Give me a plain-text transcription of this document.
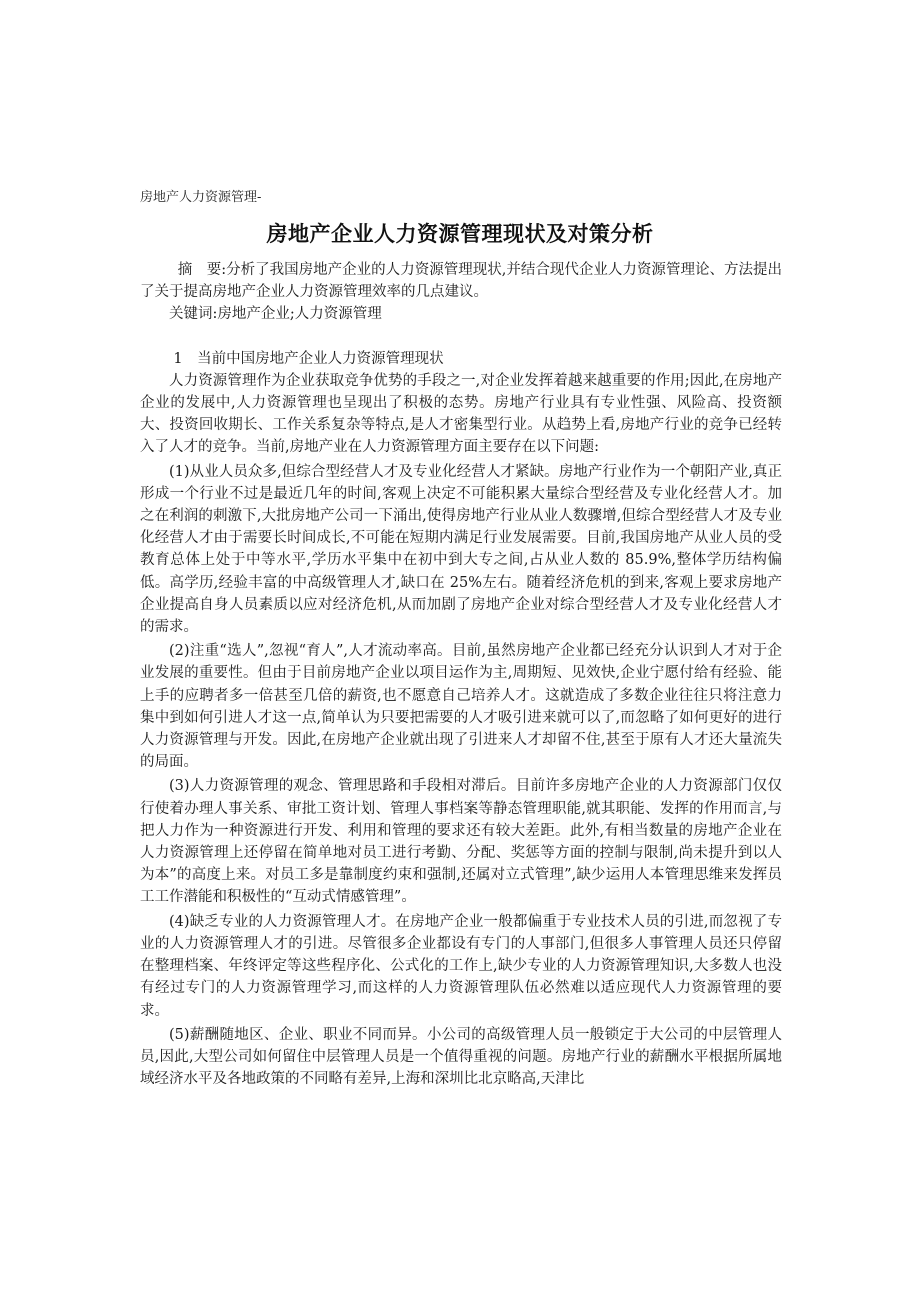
房地产人力资源管理-
房地产企业人力资源管理现状及对策分析

摘　要:分析了我国房地产企业的人力资源管理现状,并结合现代企业人力资源管理论、方法提出了关于提高房地产企业人力资源管理效率的几点建议。

关键词:房地产企业;人力资源管理

1　当前中国房地产企业人力资源管理现状

人力资源管理作为企业获取竞争优势的手段之一,对企业发挥着越来越重要的作用;因此,在房地产企业的发展中,人力资源管理也呈现出了积极的态势。房地产行业具有专业性强、风险高、投资额大、投资回收期长、工作关系复杂等特点,是人才密集型行业。从趋势上看,房地产行业的竞争已经转入了人才的竞争。当前,房地产业在人力资源管理方面主要存在以下问题:

(1)从业人员众多,但综合型经营人才及专业化经营人才紧缺。房地产行业作为一个朝阳产业,真正形成一个行业不过是最近几年的时间,客观上决定不可能积累大量综合型经营及专业化经营人才。加之在利润的刺激下,大批房地产公司一下涌出,使得房地产行业从业人数骤增,但综合型经营人才及专业化经营人才由于需要长时间成长,不可能在短期内满足行业发展需要。目前,我国房地产从业人员的受教育总体上处于中等水平,学历水平集中在初中到大专之间,占从业人数的 85.9%,整体学历结构偏低。高学历,经验丰富的中高级管理人才,缺口在 25%左右。随着经济危机的到来,客观上要求房地产企业提高自身人员素质以应对经济危机,从而加剧了房地产企业对综合型经营人才及专业化经营人才的需求。

(2)注重“选人”,忽视“育人”,人才流动率高。目前,虽然房地产企业都已经充分认识到人才对于企业发展的重要性。但由于目前房地产企业以项目运作为主,周期短、见效快,企业宁愿付给有经验、能上手的应聘者多一倍甚至几倍的薪资,也不愿意自己培养人才。这就造成了多数企业往往只将注意力集中到如何引进人才这一点,简单认为只要把需要的人才吸引进来就可以了,而忽略了如何更好的进行人力资源管理与开发。因此,在房地产企业就出现了引进来人才却留不住,甚至于原有人才还大量流失的局面。

(3)人力资源管理的观念、管理思路和手段相对滞后。目前许多房地产企业的人力资源部门仅仅行使着办理人事关系、审批工资计划、管理人事档案等静态管理职能,就其职能、发挥的作用而言,与把人力作为一种资源进行开发、利用和管理的要求还有较大差距。此外,有相当数量的房地产企业在人力资源管理上还停留在简单地对员工进行考勤、分配、奖惩等方面的控制与限制,尚未提升到以人为本”的高度上来。对员工多是靠制度约束和强制,还属对立式管理”,缺少运用人本管理思维来发挥员工工作潜能和积极性的“互动式情感管理”。

(4)缺乏专业的人力资源管理人才。在房地产企业一般都偏重于专业技术人员的引进,而忽视了专业的人力资源管理人才的引进。尽管很多企业都设有专门的人事部门,但很多人事管理人员还只停留在整理档案、年终评定等这些程序化、公式化的工作上,缺少专业的人力资源管理知识,大多数人也没有经过专门的人力资源管理学习,而这样的人力资源管理队伍必然难以适应现代人力资源管理的要求。

(5)薪酬随地区、企业、职业不同而异。小公司的高级管理人员一般锁定于大公司的中层管理人员,因此,大型公司如何留住中层管理人员是一个值得重视的问题。房地产行业的薪酬水平根据所属地域经济水平及各地政策的不同略有差异,上海和深圳比北京略高,天津比
